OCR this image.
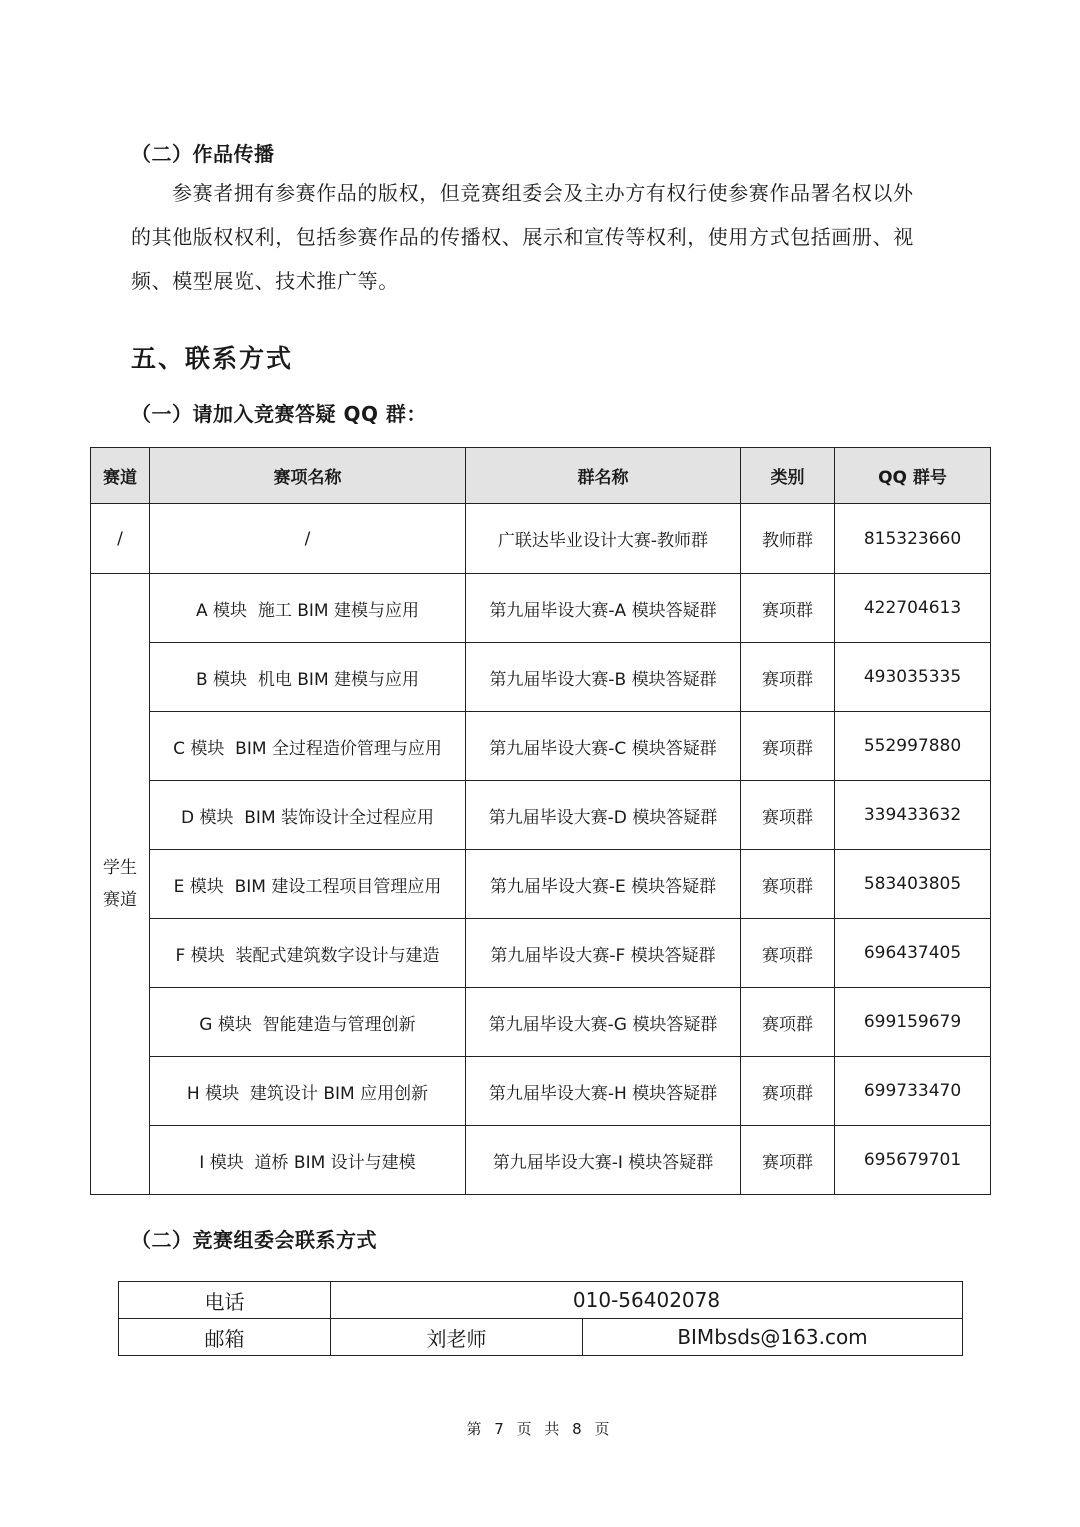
（二）作品传播
参赛者拥有参赛作品的版权，但竞赛组委会及主办方有权行使参赛作品署名权以外
的其他版权权利，包括参赛作品的传播权、展示和宣传等权利，使用方式包括画册、视
频、模型展览、技术推广等。
五、联系方式
（一）请加入竞赛答疑 QQ 群：
赛道	赛项名称	群名称	类别	QQ 群号
/	/	广联达毕业设计大赛-教师群	教师群	815323660

学生
赛道	A 模块  施工 BIM 建模与应用	第九届毕设大赛-A 模块答疑群	赛项群	422704613
	B 模块  机电 BIM 建模与应用	第九届毕设大赛-B 模块答疑群	赛项群	493035335
	C 模块  BIM 全过程造价管理与应用	第九届毕设大赛-C 模块答疑群	赛项群	552997880
	D 模块  BIM 装饰设计全过程应用	第九届毕设大赛-D 模块答疑群	赛项群	339433632
	E 模块  BIM 建设工程项目管理应用	第九届毕设大赛-E 模块答疑群	赛项群	583403805
	F 模块  装配式建筑数字设计与建造	第九届毕设大赛-F 模块答疑群	赛项群	696437405
	G 模块  智能建造与管理创新	第九届毕设大赛-G 模块答疑群	赛项群	699159679
	H 模块  建筑设计 BIM 应用创新	第九届毕设大赛-H 模块答疑群	赛项群	699733470
	I 模块  道桥 BIM 设计与建模	第九届毕设大赛-I 模块答疑群	赛项群	695679701
（二）竞赛组委会联系方式
电话	010-56402078	
邮箱	刘老师	BIMbsds@163.com
第 7 页 共 8 页
